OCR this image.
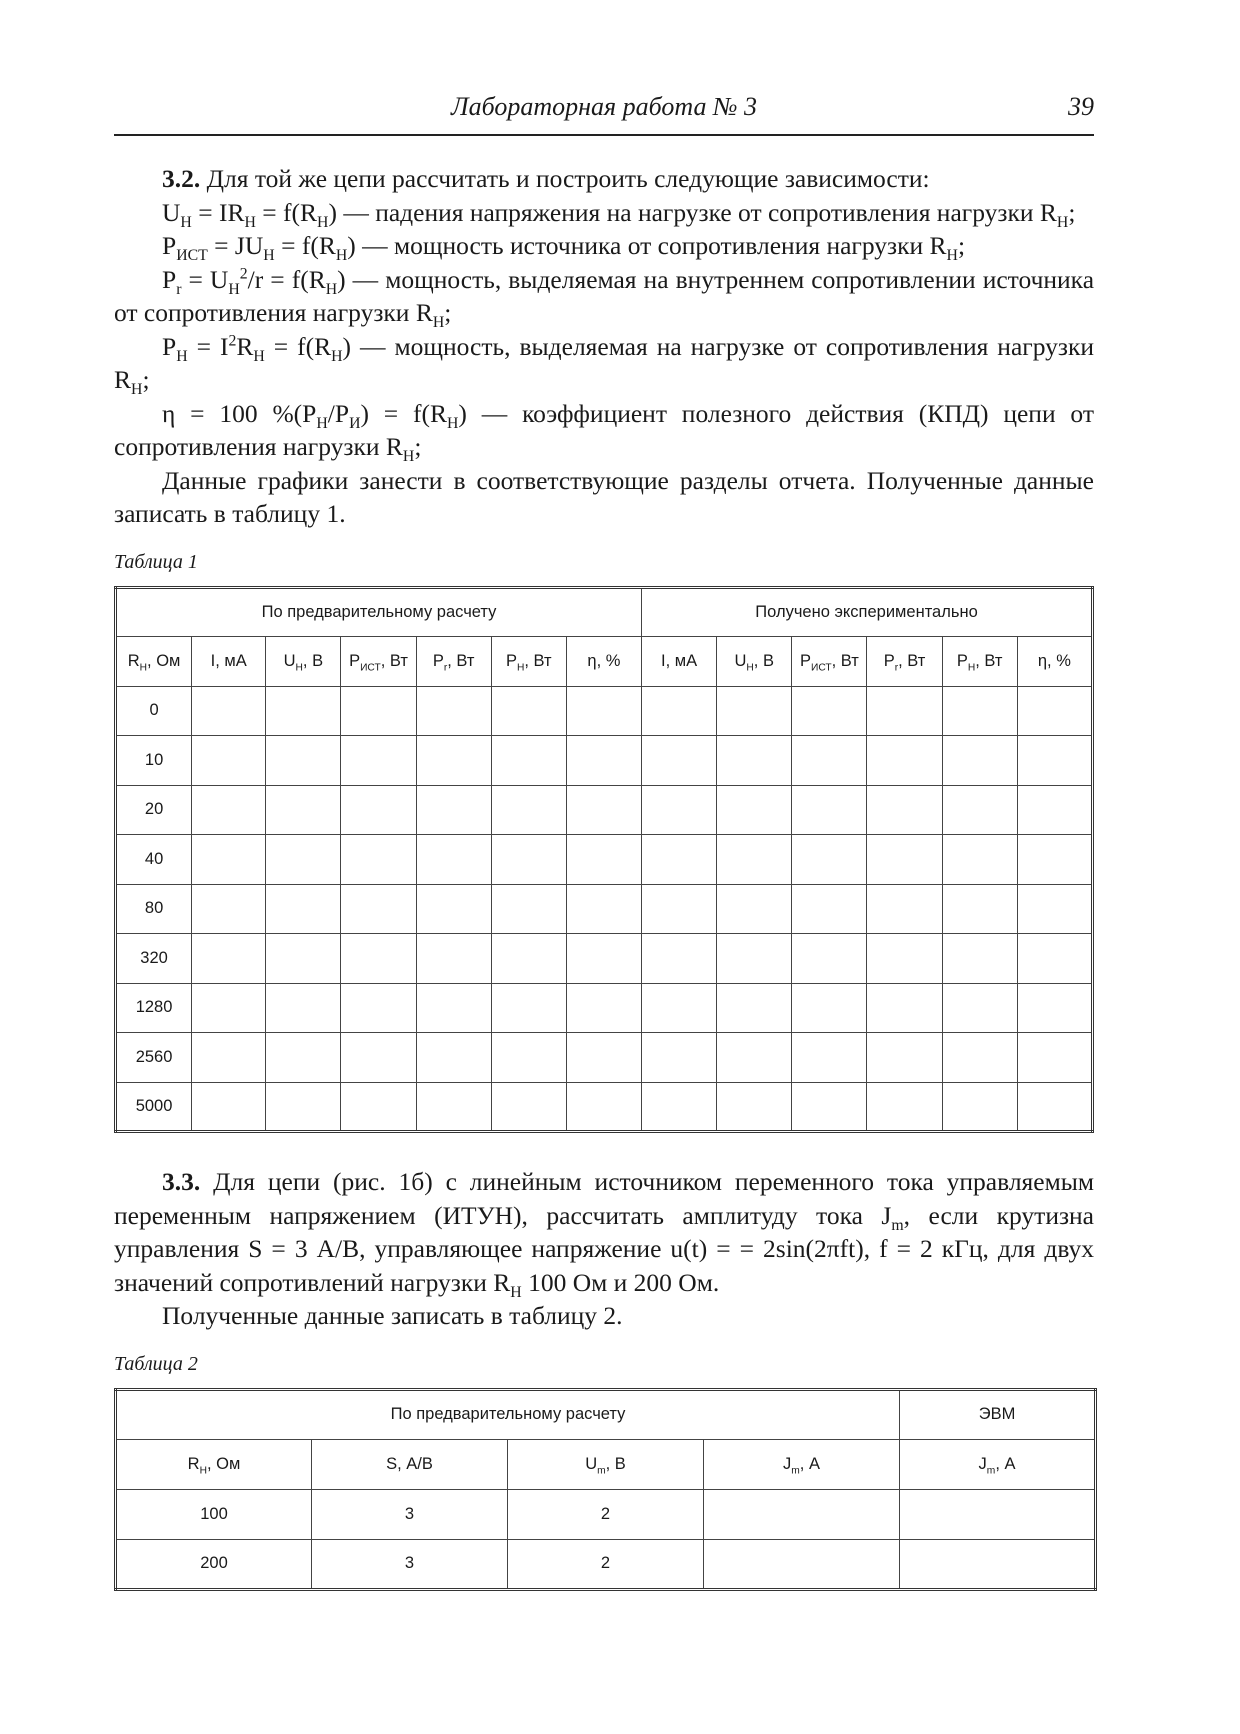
Лабораторная работа № 3	39

3.2. Для той же цепи рассчитать и построить следующие зависимости:

$U_Н = IR_Н = f(R_Н)$ — падения напряжения на нагрузке от сопротивления нагрузки $R_Н$;

$P_{ИСТ} = JU_Н = f(R_Н)$ — мощность источника от сопротивления нагрузки $R_Н$;

$P_r = U_Н^2/r = f(R_Н)$ — мощность, выделяемая на внутреннем сопротивлении источника от сопротивления нагрузки $R_Н$;

$P_Н = I^2R_Н = f(R_Н)$ — мощность, выделяемая на нагрузке от сопротивления нагрузки $R_Н$;

η = 100 $\%(P_Н/P_И) = f(R_Н)$ — коэффициент полезного действия (КПД) цепи от сопротивления нагрузки $R_Н$;

Данные графики занести в соответствующие разделы отчета. Полученные данные записать в таблицу 1.

Таблица 1
По предварительному расчету							Получено экспериментально					
$R_Н$, Ом	I, мА	$U_Н$, В	$P_{ИСТ}$, Вт	$P_r$, Вт	$P_Н$, Вт	η, %	I, мА	$U_Н$, В	$P_{ИСТ}$, Вт	$P_r$, Вт	$P_Н$, Вт	η, %
0												
10												
20												
40												
80												
320												
1280												
2560												
5000												

3.3. Для цепи (рис. 1б) с линейным источником переменного тока управляемым переменным напряжением (ИТУН), рассчитать амплитуду тока $J_m$, если крутизна управления S = 3 А/В, управляющее напряжение u(t) = = 2sin(2πft), f = 2 кГц, для двух значений сопротивлений нагрузки $R_Н$ 100 Ом и 200 Ом.

Полученные данные записать в таблицу 2.

Таблица 2
По предварительному расчету				ЭВМ
$R_Н$, Ом	S, А/В	$U_m$, В	$J_m$, А	$J_m$, А
100	3	2		
200	3	2		
